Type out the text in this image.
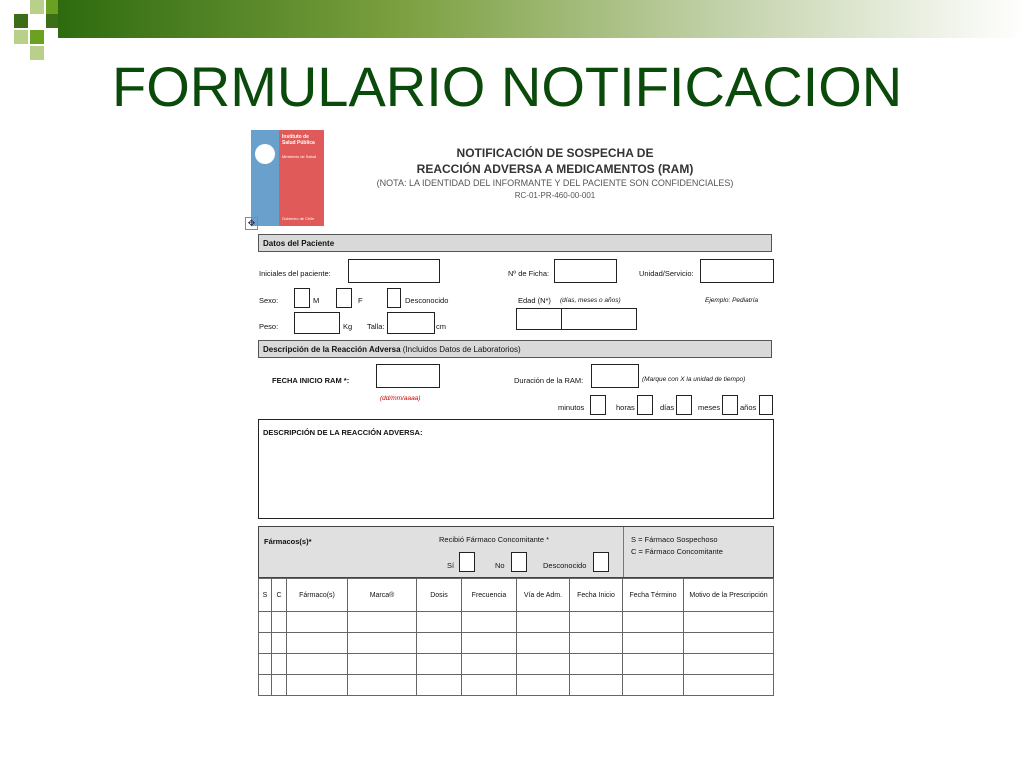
FORMULARIO NOTIFICACION
Instituto de Salud Pública
Ministerio de Salud
Gobierno de Chile
NOTIFICACIÓN DE SOSPECHA DE
REACCIÓN ADVERSA A MEDICAMENTOS (RAM)
(NOTA: LA IDENTIDAD DEL INFORMANTE Y DEL PACIENTE SON CONFIDENCIALES)
RC-01-PR-460-00-001
✥
Datos del Paciente
Iniciales del paciente:	Nº de Ficha:	Unidad/Servicio:
Sexo:	M	F	Desconocido	Edad (N*) (días, meses o años)	Ejemplo: Pediatría
Peso:	Kg Talla:	cm
Descripción de la Reacción Adversa (Incluidos Datos de Laboratorios)
FECHA INICIO RAM *:
(dd/mm/aaaa)
Duración de la RAM:	(Marque con X la unidad de tiempo)
minutos	horas	días	meses	años
DESCRIPCIÓN DE LA REACCIÓN ADVERSA:
Fármacos(s)*	Recibió Fármaco Concomitante *
Sí	No	Desconocido
S = Fármaco Sospechoso
C = Fármaco Concomitante
S	C	Fármaco(s)	Marca®	Dosis	Frecuencia	Vía de Adm.	Fecha Inicio	Fecha Término	Motivo de la Prescripción
